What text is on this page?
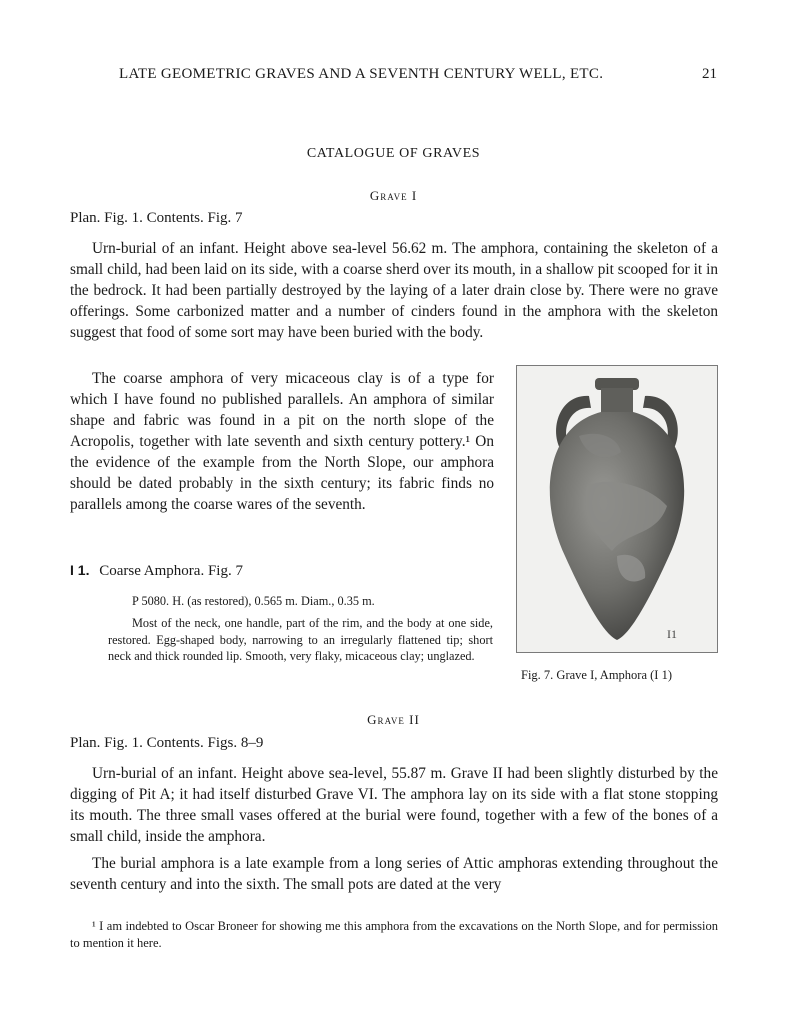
LATE GEOMETRIC GRAVES AND A SEVENTH CENTURY WELL, ETC.	21
CATALOGUE OF GRAVES
Grave I
Plan. Fig. 1. Contents. Fig. 7

Urn-burial of an infant. Height above sea-level 56.62 m. The amphora, containing the skeleton of a small child, had been laid on its side, with a coarse sherd over its mouth, in a shallow pit scooped for it in the bedrock. It had been partially destroyed by the laying of a later drain close by. There were no grave offerings. Some carbonized matter and a number of cinders found in the amphora with the skeleton suggest that food of some sort may have been buried with the body.

The coarse amphora of very micaceous clay is of a type for which I have found no published parallels. An amphora of similar shape and fabric was found in a pit on the north slope of the Acropolis, together with late seventh and sixth century pottery.¹ On the evidence of the example from the North Slope, our amphora should be dated probably in the sixth century; its fabric finds no parallels among the coarse wares of the seventh.

I 1. Coarse Amphora. Fig. 7
P 5080. H. (as restored), 0.565 m. Diam., 0.35 m.
Most of the neck, one handle, part of the rim, and the body at one side, restored. Egg-shaped body, narrowing to an irregularly flattened tip; short neck and thick rounded lip. Smooth, very flaky, micaceous clay; unglazed.
I1
Fig. 7. Grave I, Amphora (I 1)
Grave II
Plan. Fig. 1. Contents. Figs. 8–9

Urn-burial of an infant. Height above sea-level, 55.87 m. Grave II had been slightly disturbed by the digging of Pit A; it had itself disturbed Grave VI. The amphora lay on its side with a flat stone stopping its mouth. The three small vases offered at the burial were found, together with a few of the bones of a small child, inside the amphora.

The burial amphora is a late example from a long series of Attic amphoras extending throughout the seventh century and into the sixth. The small pots are dated at the very

¹ I am indebted to Oscar Broneer for showing me this amphora from the excavations on the North Slope, and for permission to mention it here.
